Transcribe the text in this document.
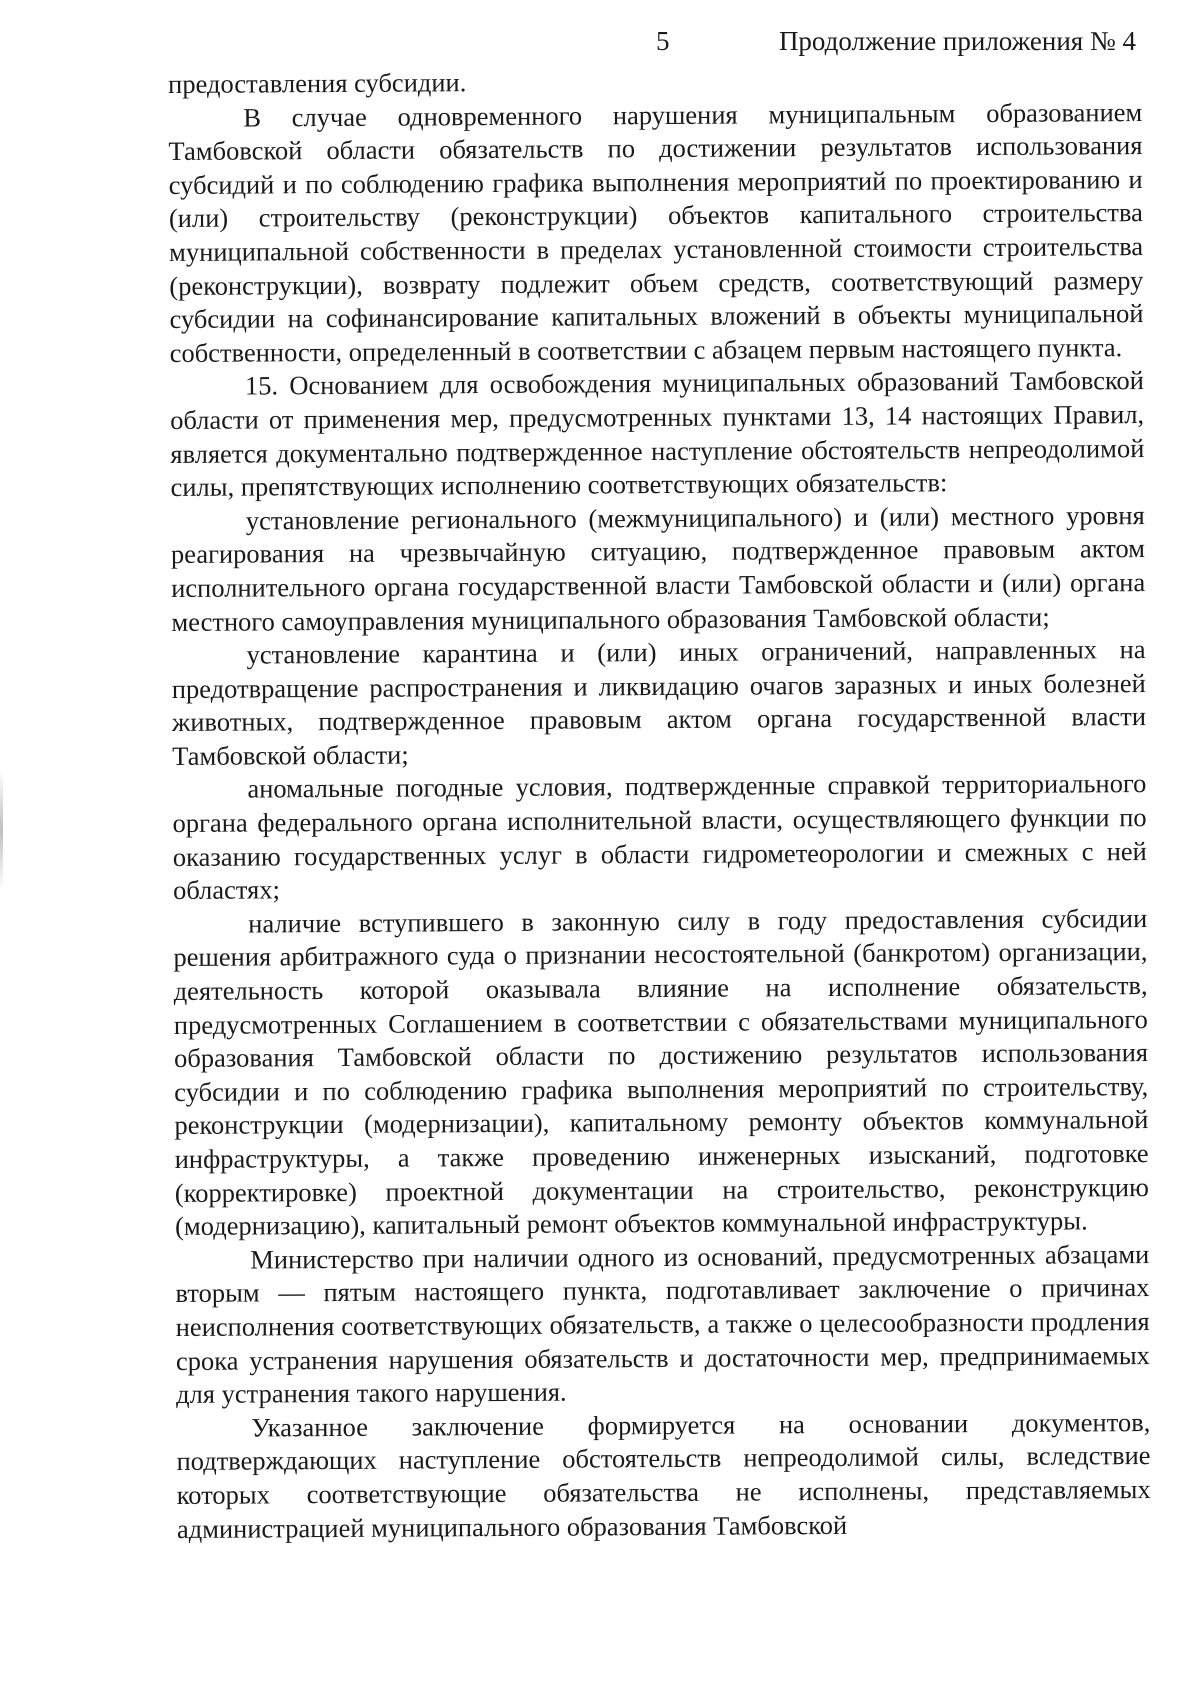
5	Продолжение приложения № 4

предоставления субсидии.

В случае одновременного нарушения муниципальным образованием Тамбовской области обязательств по достижении результатов использования субсидий и по соблюдению графика выполнения мероприятий по проектированию и (или) строительству (реконструкции) объектов капитального строительства муниципальной собственности в пределах установленной стоимости строительства (реконструкции), возврату подлежит объем средств, соответствующий размеру субсидии на софинансирование капитальных вложений в объекты муниципальной собственности, определенный в соответствии с абзацем первым настоящего пункта.

15. Основанием для освобождения муниципальных образований Тамбовской области от применения мер, предусмотренных пунктами 13, 14 настоящих Правил, является документально подтвержденное наступление обстоятельств непреодолимой силы, препятствующих исполнению соответствующих обязательств:

установление регионального (межмуниципального) и (или) местного уровня реагирования на чрезвычайную ситуацию, подтвержденное правовым актом исполнительного органа государственной власти Тамбовской области и (или) органа местного самоуправления муниципального образования Тамбовской области;

установление карантина и (или) иных ограничений, направленных на предотвращение распространения и ликвидацию очагов заразных и иных болезней животных, подтвержденное правовым актом органа государственной власти Тамбовской области;

аномальные погодные условия, подтвержденные справкой территориального органа федерального органа исполнительной власти, осуществляющего функции по оказанию государственных услуг в области гидрометеорологии и смежных с ней областях;

наличие вступившего в законную силу в году предоставления субсидии решения арбитражного суда о признании несостоятельной (банкротом) организации, деятельность которой оказывала влияние на исполнение обязательств, предусмотренных Соглашением в соответствии с обязательствами муниципального образования Тамбовской области по достижению результатов использования субсидии и по соблюдению графика выполнения мероприятий по строительству, реконструкции (модернизации), капитальному ремонту объектов коммунальной инфраструктуры, а также проведению инженерных изысканий, подготовке (корректировке) проектной документации на строительство, реконструкцию (модернизацию), капитальный ремонт объектов коммунальной инфраструктуры.

Министерство при наличии одного из оснований, предусмотренных абзацами вторым — пятым настоящего пункта, подготавливает заключение о причинах неисполнения соответствующих обязательств, а также о целесообразности продления срока устранения нарушения обязательств и достаточности мер, предпринимаемых для устранения такого нарушения.

Указанное заключение формируется на основании документов, подтверждающих наступление обстоятельств непреодолимой силы, вследствие которых соответствующие обязательства не исполнены, представляемых администрацией муниципального образования Тамбовской
